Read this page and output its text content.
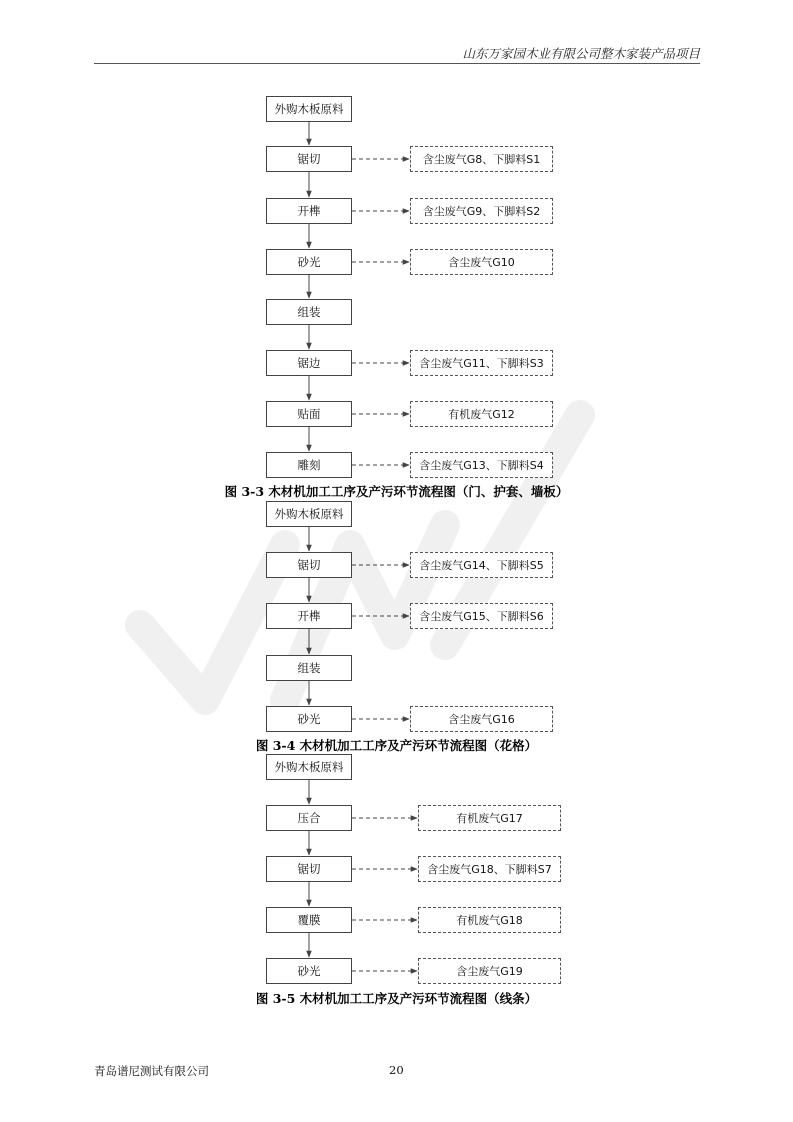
山东万家园木业有限公司整木家装产品项目
外购木板原料
锯切	含尘废气G8、下脚料S1
开榫	含尘废气G9、下脚料S2
砂光	含尘废气G10
组装
锯边	含尘废气G11、下脚料S3
贴面	有机废气G12
雕刻	含尘废气G13、下脚料S4
图 3-3 木材机加工工序及产污环节流程图（门、护套、墙板）
外购木板原料
锯切	含尘废气G14、下脚料S5
开榫	含尘废气G15、下脚料S6
组装
砂光	含尘废气G16
图 3-4 木材机加工工序及产污环节流程图（花格）
外购木板原料
压合	有机废气G17
锯切	含尘废气G18、下脚料S7
覆膜	有机废气G18
砂光	含尘废气G19
图 3-5 木材机加工工序及产污环节流程图（线条）
青岛谱尼测试有限公司	20
